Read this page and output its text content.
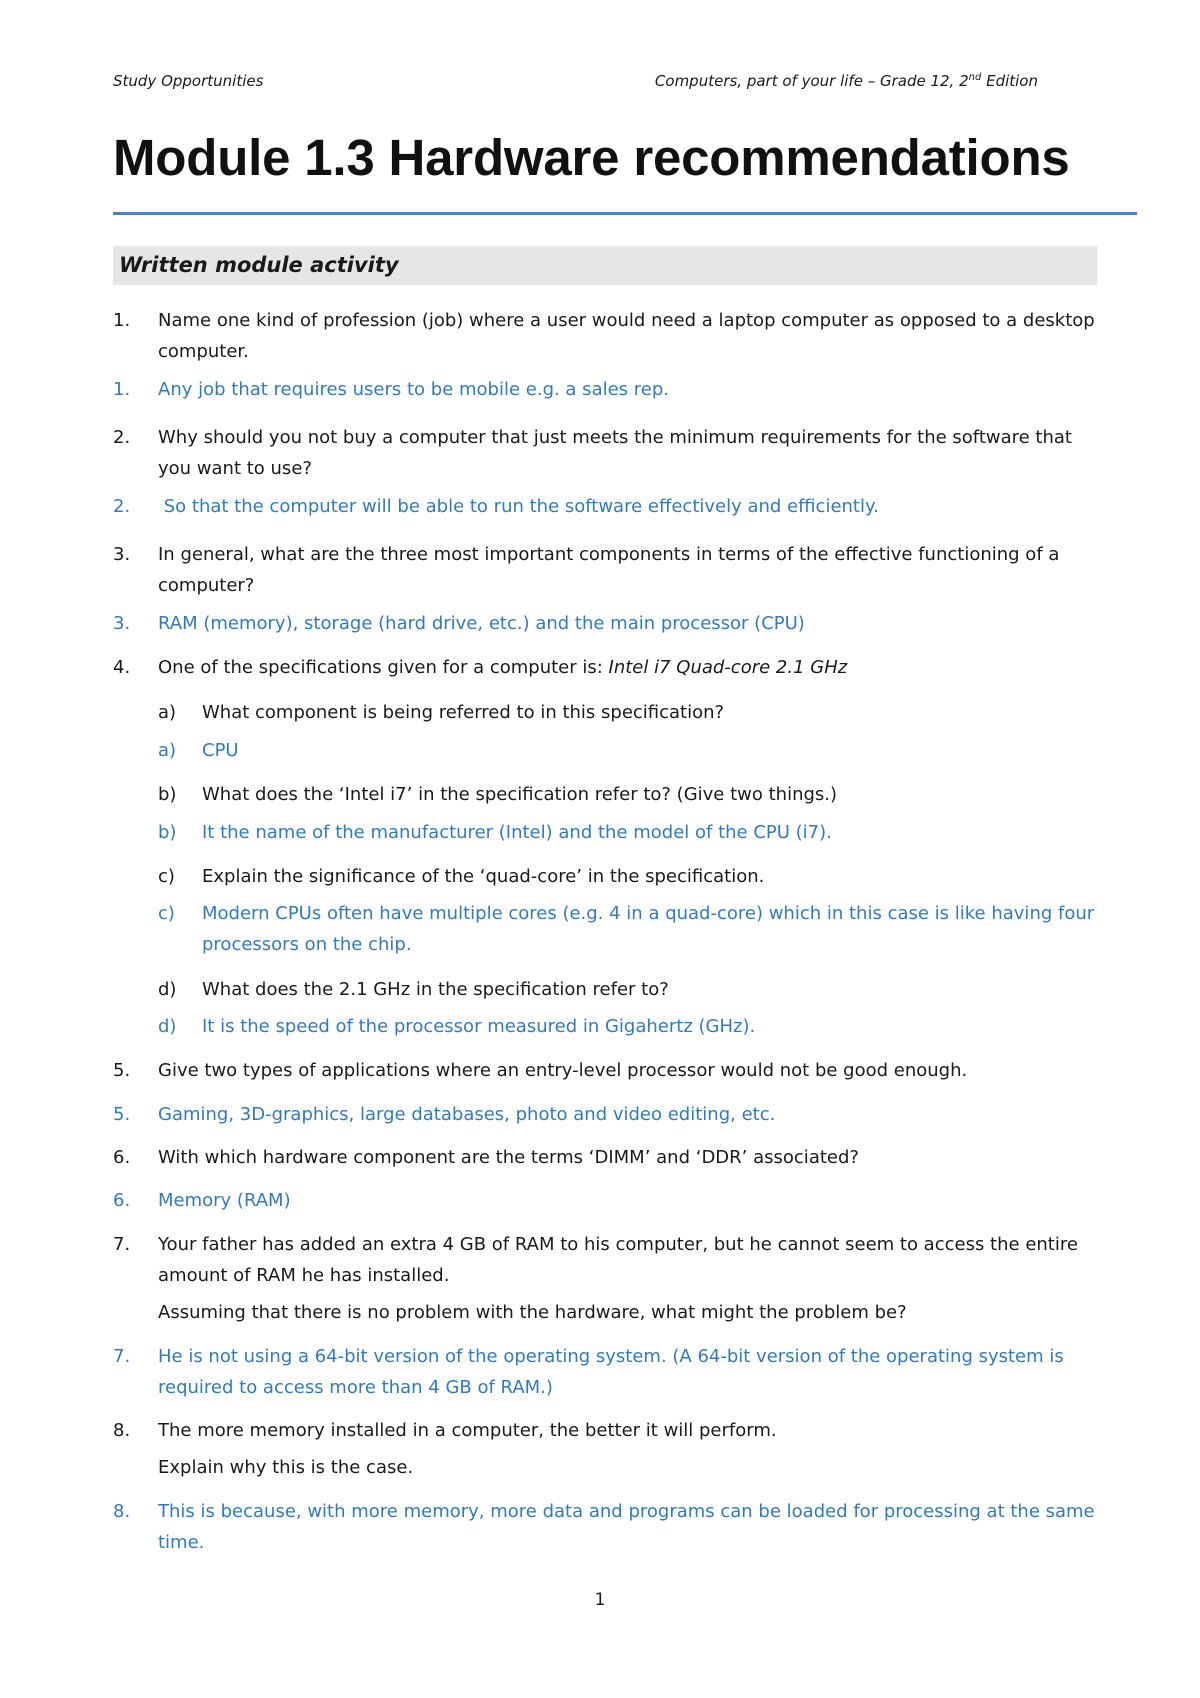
Study Opportunities	Computers, part of your life – Grade 12, 2nd Edition
Module 1.3 Hardware recommendations
Written module activity
1. Name one kind of profession (job) where a user would need a laptop computer as opposed to a desktop computer.
1. Any job that requires users to be mobile e.g. a sales rep.
2. Why should you not buy a computer that just meets the minimum requirements for the software that you want to use?
2. So that the computer will be able to run the software effectively and efficiently.
3. In general, what are the three most important components in terms of the effective functioning of a computer?
3. RAM (memory), storage (hard drive, etc.) and the main processor (CPU)
4. One of the specifications given for a computer is: Intel i7 Quad-core 2.1 GHz
a) What component is being referred to in this specification?
a) CPU
b) What does the ‘Intel i7’ in the specification refer to? (Give two things.)
b) It the name of the manufacturer (Intel) and the model of the CPU (i7).
c) Explain the significance of the ‘quad-core’ in the specification.
c) Modern CPUs often have multiple cores (e.g. 4 in a quad-core) which in this case is like having four processors on the chip.
d) What does the 2.1 GHz in the specification refer to?
d) It is the speed of the processor measured in Gigahertz (GHz).
5. Give two types of applications where an entry-level processor would not be good enough.
5. Gaming, 3D-graphics, large databases, photo and video editing, etc.
6. With which hardware component are the terms ‘DIMM’ and ‘DDR’ associated?
6. Memory (RAM)
7. Your father has added an extra 4 GB of RAM to his computer, but he cannot seem to access the entire amount of RAM he has installed.
Assuming that there is no problem with the hardware, what might the problem be?
7. He is not using a 64-bit version of the operating system. (A 64-bit version of the operating system is required to access more than 4 GB of RAM.)
8. The more memory installed in a computer, the better it will perform.
Explain why this is the case.
8. This is because, with more memory, more data and programs can be loaded for processing at the same time.
1
